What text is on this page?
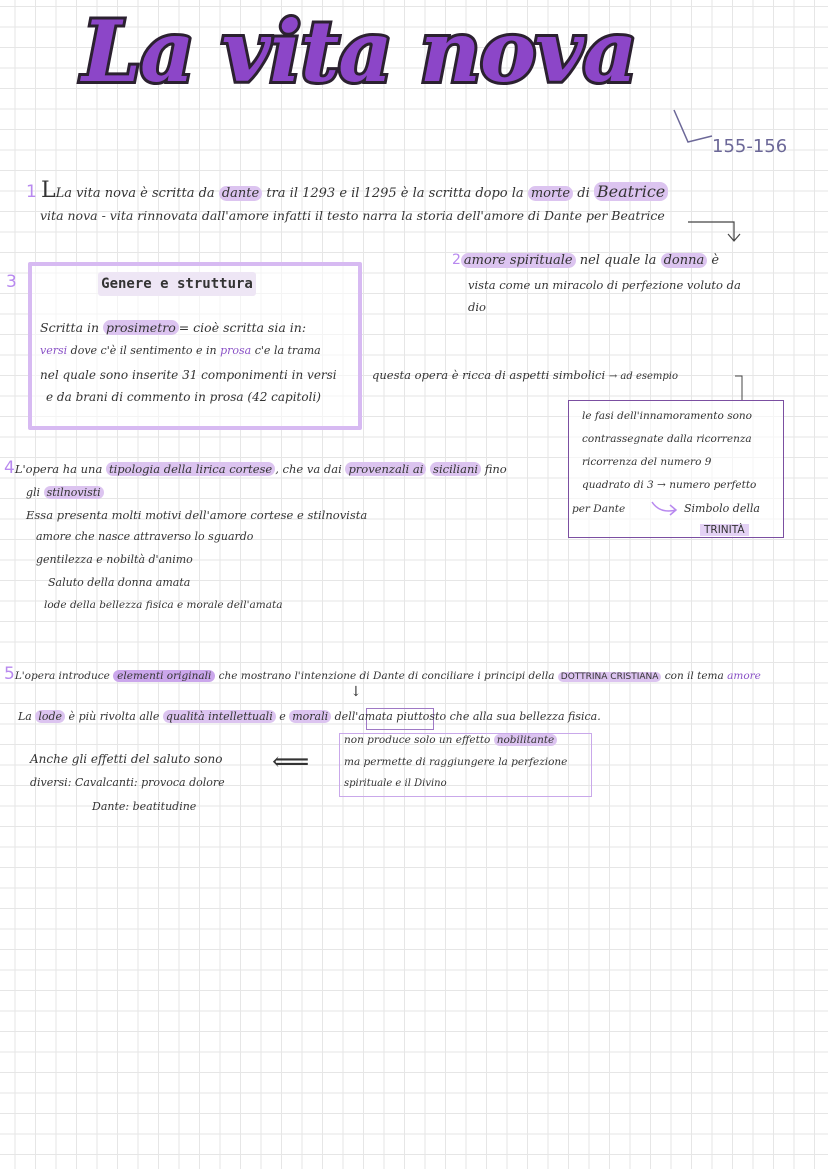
La vita nova
155-156
1 LLa vita nova è scritta da dante tra il 1293 e il 1295 è la scritta dopo la morte di Beatrice
vita nova - vita rinnovata dall'amore infatti il testo narra la storia dell'amore di Dante per Beatrice
2 amore spirituale nel quale la donna è
vista come un miracolo di perfezione voluto da
dio
3	Genere e struttura
Scritta in prosimetro = cioè scritta sia in:
versi dove c'è il sentimento e in prosa c'e la trama
nel quale sono inserite 31 componimenti in versi
e da brani di commento in prosa (42 capitoli)
questa opera è ricca di aspetti simbolici → ad esempio
le fasi dell'innamoramento sono
contrassegnate dalla ricorrenza
ricorrenza del numero 9
quadrato di 3 → numero perfetto
per Dante	Simbolo della
TRINITÀ
4L'opera ha una tipologia della lirica cortese , che va dai provenzali ai siciliani fino
gli stilnovisti
Essa presenta molti motivi dell'amore cortese e stilnovista
amore che nasce attraverso lo sguardo
gentilezza e nobiltà d'animo
Saluto della donna amata
lode della bellezza fisica e morale dell'amata
5L'opera introduce elementi originali che mostrano l'intenzione di Dante di conciliare i principi della DOTTRINA CRISTIANA con il tema amore
↓
La lode è più rivolta alle qualità intellettuali e morali dell'amata piuttosto che alla sua bellezza fisica.
Anche gli effetti del saluto sono
diversi: Cavalcanti: provoca dolore
Dante: beatitudine
⟸
non produce solo un effetto nobilitante
ma permette di raggiungere la perfezione
spirituale e il Divino
